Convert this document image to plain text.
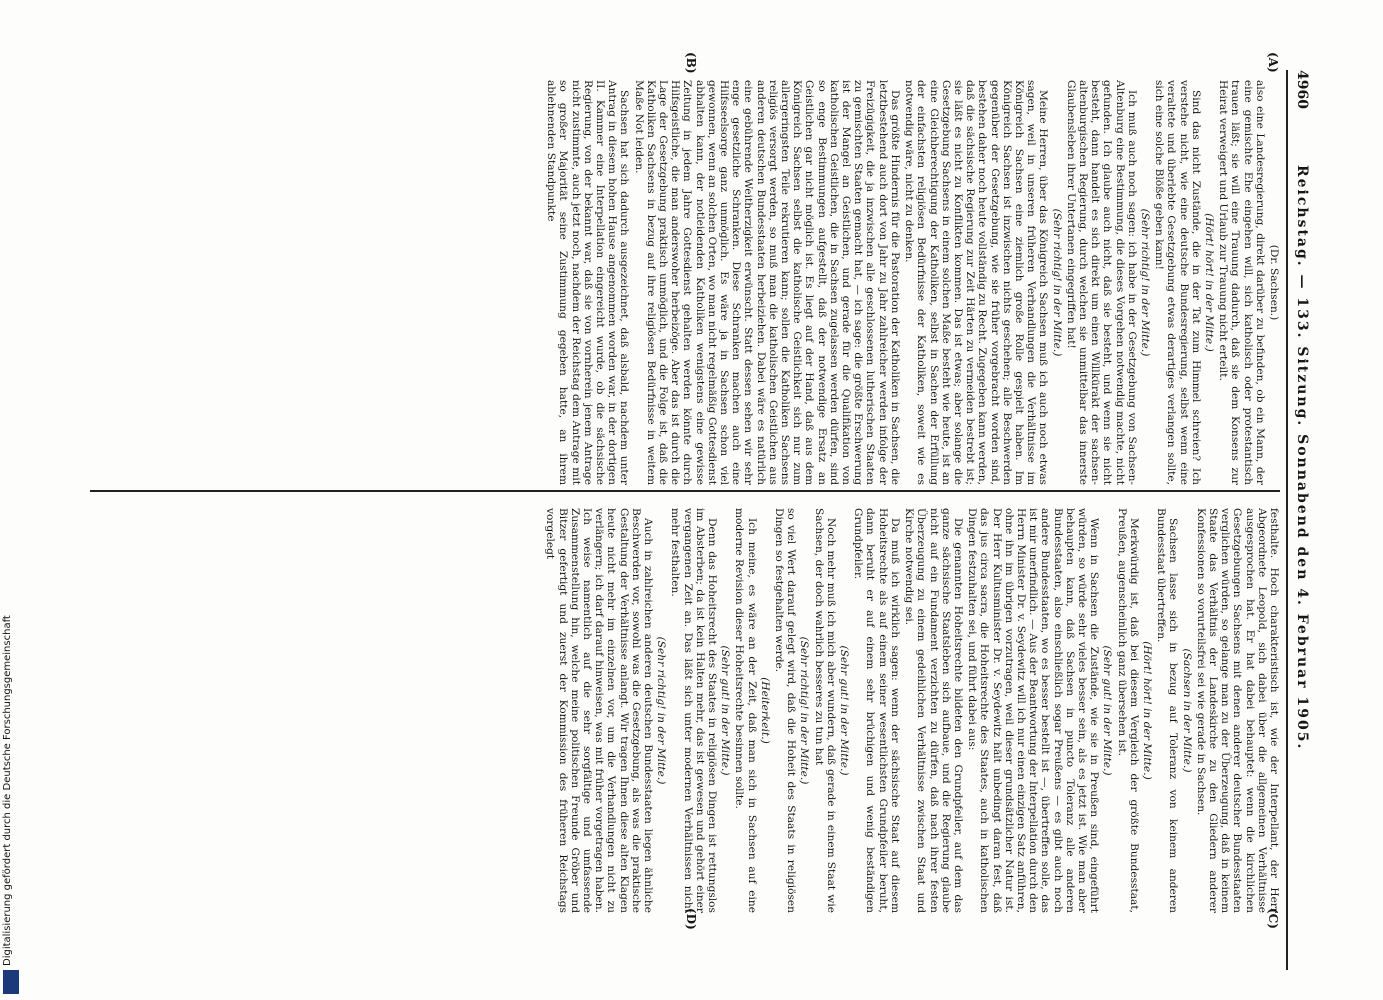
Digitalisierung gefördert durch die Deutsche Forschungsgemeinschaft
4960
Reichstag. — 133. Sitzung. Sonnabend den 4. Februar 1905.
(A)
(B)
(C)
(D)
(Dr. Sachsen.)

also eine Landesregierung, direkt darüber zu befinden, ob ein Mann, der eine gemischte Ehe eingehen will, sich katholisch oder protestantisch trauen läßt; sie will eine Trauung dadurch, daß sie dem Konsens zur Heirat verweigert und Urlaub zur Trauung nicht erteilt.

(Hört! hört! in der Mitte.)

Sind das nicht Zustände, die in der Tat zum Himmel schreien? Ich verstehe nicht, wie eine deutsche Bundesregierung, selbst wenn eine veraltete und überlebte Gesetzgebung etwas derartiges verlangen sollte, sich eine solche Blöße geben kann!

(Sehr richtig! in der Mitte.)

Ich muß auch noch sagen: ich habe in der Gesetzgebung von Sachsen-Altenburg eine Bestimmung, die dieses Vorgehen notwendig machte, nicht gefunden. Ich glaube auch nicht, daß sie besteht, und wenn sie nicht besteht, dann handelt es sich direkt um einen Willkürakt der sachsen-altenburgischen Regierung, durch welchen sie unmittelbar das innerste Glaubensleben ihrer Untertanen eingegriffen hat!

(Sehr richtig! in der Mitte.)

Meine Herren, über das Königreich Sachsen muß ich auch noch etwas sagen, weil in unseren früheren Verhandlungen die Verhältnisse im Königreich Sachsen eine ziemlich große Rolle gespielt haben. Im Königreich Sachsen ist inzwischen nichts geschehen; alle Beschwerden gegenüber der Gesetzgebung, wie sie früher vorgebracht worden sind, bestehen daher noch heute vollständig zu Recht. Zugegeben kann werden, daß die sächsische Regierung zur Zeit Härten zu vermeiden bestrebt ist; sie läßt es nicht zu Konflikten kommen. Das ist etwas; aber solange die Gesetzgebung Sachsens in einem solchen Maße besteht wie heute, ist an eine Gleichberechtigung der Katholiken, selbst in Sachen der Erfüllung der einfachsten religiösen Bedürfnisse der Katholiken, soweit wie es notwendig wäre, nicht zu denken.

Das größte Hindernis für die Pastoration der Katholiken in Sachsen, die letztbestehend auch dort von Jahr zu Jahr zahlreicher werden infolge der Freizügigkeit, die ja inzwischen alle geschlossenen lutherischen Staaten zu gemischten Staaten gemacht hat, — ich sage: die größte Erschwerung ist der Mangel an Geistlichen, und gerade für die Qualifikation von katholischen Geistlichen, die in Sachsen zugelassen werden dürfen, sind so enge Bestimmungen aufgestellt, daß der notwendige Ersatz an Geistlichen gar nicht möglich ist. Es liegt auf der Hand, daß aus dem Königreich Sachsen selbst die katholische Geistlichkeit sich nur zum allergeringsten Teile rekrutieren kann; sollen die Katholiken Sachsens religiös versorgt werden, so muß man die katholischen Geistlichen aus anderen deutschen Bundesstaaten herbeiziehen. Dabei wäre es natürlich eine gebührende Weitherzigkeit erwünscht. Statt dessen sehen wir sehr enge gesetzliche Schranken. Diese Schranken machen auch eine Hilfsseelsorge ganz unmöglich. Es wäre ja in Sachsen schon viel gewonnen, wenn an solchen Orten, wo man nicht regelmäßig Gottesdienst abhalten kann, der notleidenden Katholiken wenigstens eine gewisse Zeitung in jedem Jahre Gottesdienst gehalten werden könnte durch Hilfsgeistliche, die man anderswoher herbeizöge. Aber das ist durch die Lage der Gesetzgebung praktisch unmöglich, und die Folge ist, daß die Katholiken Sachsens in bezug auf ihre religiösen Bedürfnisse in weitem Maße Not leiden.

Sachsen hat sich dadurch ausgezeichnet, daß alsbald, nachdem unter Antrag in diesem hohen Hause angenommen worden war, in der dortigen II. Kammer eine Interpellation eingereicht wurde, ob die sächsische Regierung, von der bekannt war, daß sie von vornherein jenem Antrage nicht zustimmte, auch jetzt noch, nachdem der Reichstag dem Antrage mit so großer Majorität seine Zustimmung gegeben hatte, an ihrem ablehnenden Standpunkte

festhalte. Hoch charakteristisch ist, wie der Interpellant, der Herr Abgeordnete Leopold, sich dabei über die allgemeinen Verhältnisse ausgesprochen hat. Er hat dabei behauptet: wenn die kirchlichen Gesetzgebungen Sachsens mit denen anderer deutscher Bundesstaaten verglichen würden, so gelange man zu der Überzeugung, daß in keinem Staate das Verhältnis der Landeskirche zu den Gliedern anderer Konfessionen so vorurteilsfrei sei wie gerade in Sachsen.

(Sachsen in der Mitte.)

Sachsen lasse sich in bezug auf Toleranz von keinem anderen Bundesstaat übertreffen.

(Hört! hört! in der Mitte.)

Merkwürdig ist, daß bei diesem Vergleich der größte Bundesstaat, Preußen, augenscheinlich ganz übersehen ist.

(Sehr gut! in der Mitte.)

Wenn in Sachsen die Zustände, wie sie in Preußen sind, eingeführt würden, so würde sehr vieles besser sein, als es jetzt ist. Wie man aber behaupten kann, daß Sachsen in puncto Toleranz alle anderen Bundesstaaten, also einschließlich sogar Preußens — es gibt auch noch andere Bundesstaaten, wo es besser bestellt ist —, übertreffen solle, das ist mir unerfindlich. — Aus der Beantwortung der Interpellation durch den Herrn Minister Dr. v. Seydewitz will ich nur einen einzigen Satz anführen, ohne ihn im übrigen vorzutragen, weil dieser grundsätzlicher Natur ist. Der Herr Kultusminister Dr. v. Seydewitz hält unbedingt daran fest, daß das jus circa sacra, die Hoheitsrechte des Staates, auch in katholischen Dingen festzuhalten sei, und führt dabei aus:

Die genannten Hoheitsrechte bildeten den Grundpfeiler, auf dem das ganze sächsische Staatsleben sich aufbaue, und die Regierung glaube nicht auf ein Fundament verzichten zu dürfen, daß nach ihrer festen Überzeugung zu einem gedeihlichen Verhältnisse zwischen Staat und Kirche notwendig sei.

Da muß ich wirklich sagen: wenn der sächsische Staat auf diesem Hoheitsrechte als auf einem seiner wesentlichsten Grundpfeiler beruht, dann beruht er auf einem sehr brüchigen und wenig beständigen Grundpfeiler.

(Sehr gut! in der Mitte.)

Noch mehr muß ich mich aber wundern, daß gerade in einem Staat wie Sachsen, der doch wahrlich besseres zu tun hat

(Sehr richtig! in der Mitte.)

so viel Wert darauf gelegt wird, daß die Hoheit des Staats in religiösen Dingen so festgehalten werde.

(Heiterkeit.)

Ich meine, es wäre an der Zeit, daß man sich in Sachsen auf eine moderne Revision dieser Hoheitsrechte besinnen sollte.

(Sehr gut! in der Mitte.)

Denn das Hoheitsrecht des Staates in religiösen Dingen ist rettungslos im Absterben; da ist kein Halten mehr, das ist gewesen und gehört einer vergangenen Zeit an. Das läßt sich unter modernen Verhältnissen nicht mehr festhalten.

(Sehr richtig! in der Mitte.)

Auch in zahlreichen anderen deutschen Bundesstaaten liegen ähnliche Beschwerden vor, sowohl was die Gesetzgebung, als was die praktische Gestaltung der Verhältnisse anlangt. Wir tragen Ihnen diese alten Klagen heute nicht mehr im einzelnen vor, um die Verhandlungen nicht zu verlängern; ich darf darauf hinweisen, was mit früher vorgetragen haben. Ich weise namentlich auf die sehr sorgfältige und umfassende Zusammenstellung hin, welche meine politischen Freunde Gröber und Bitzer gefertigt und zuerst der Kommission des früheren Reichstags vorgelegt
